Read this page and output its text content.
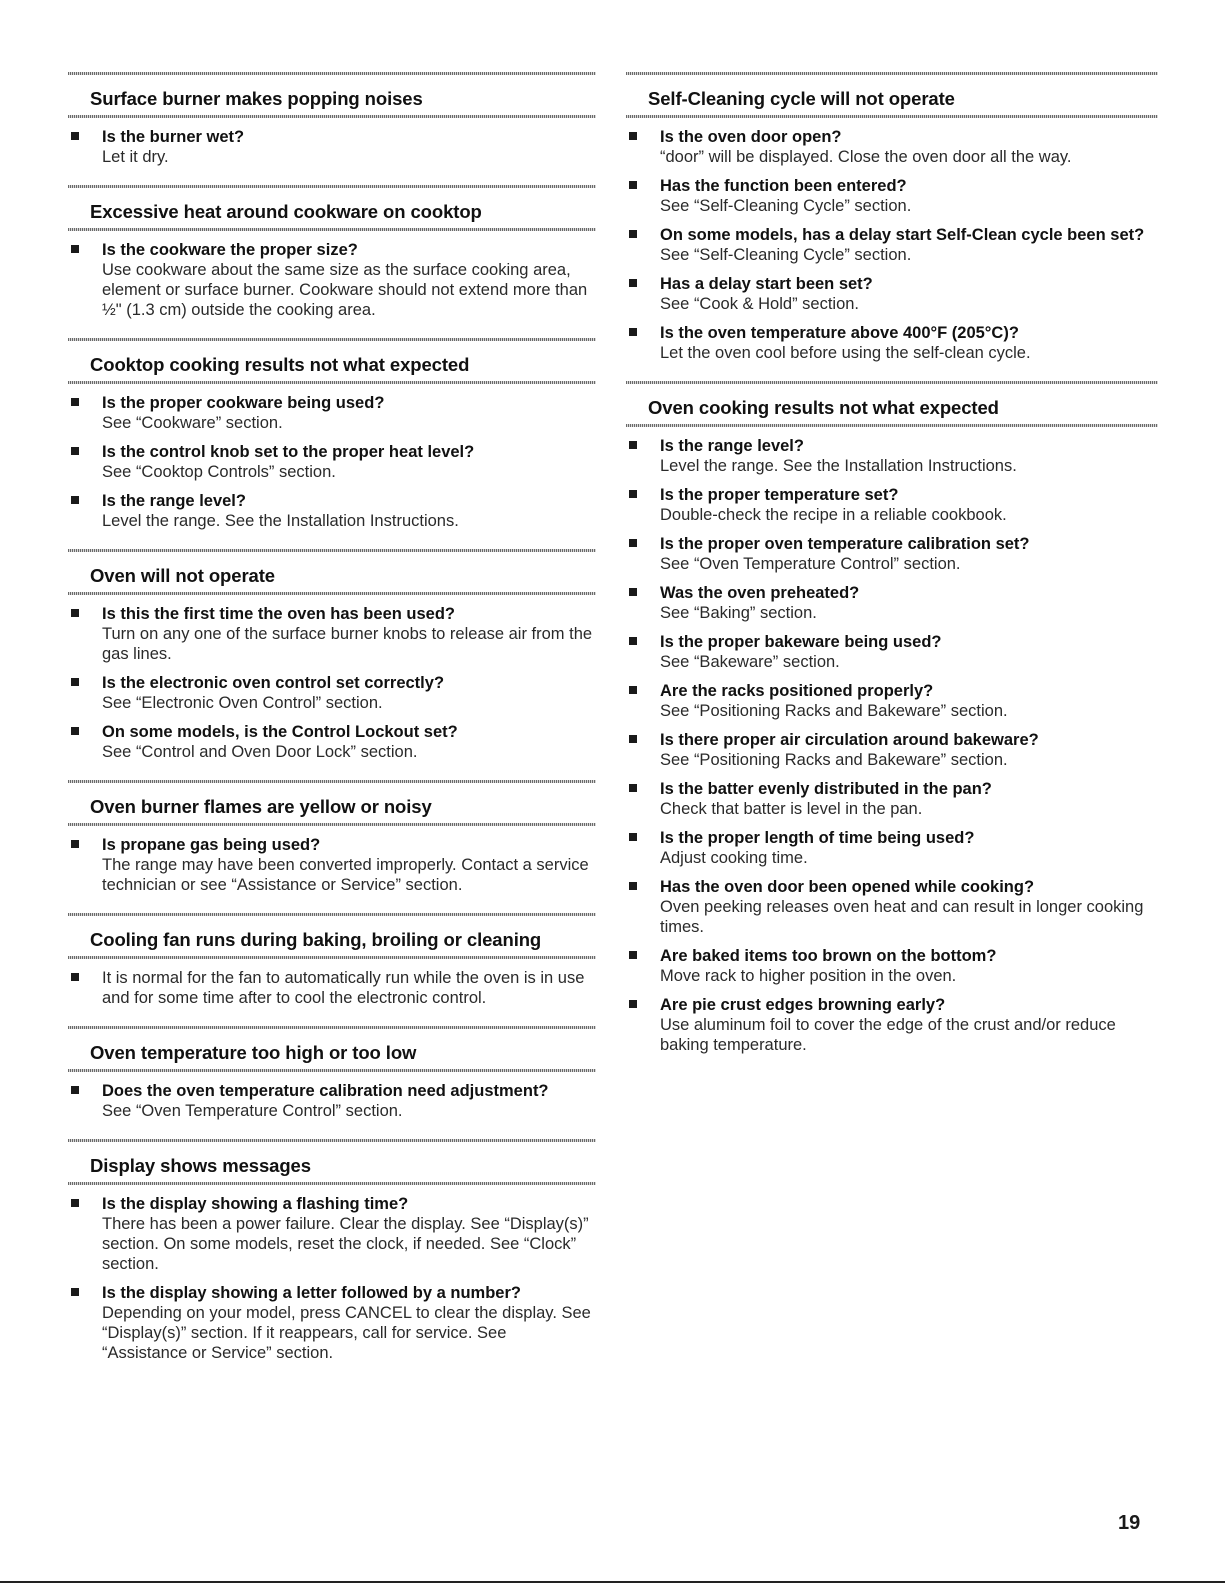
Surface burner makes popping noises
Is the burner wet?
Let it dry.
Excessive heat around cookware on cooktop
Is the cookware the proper size?
Use cookware about the same size as the surface cooking area, element or surface burner. Cookware should not extend more than ½" (1.3 cm) outside the cooking area.
Cooktop cooking results not what expected
Is the proper cookware being used?
See “Cookware” section.
Is the control knob set to the proper heat level?
See “Cooktop Controls” section.
Is the range level?
Level the range. See the Installation Instructions.
Oven will not operate
Is this the first time the oven has been used?
Turn on any one of the surface burner knobs to release air from the gas lines.
Is the electronic oven control set correctly?
See “Electronic Oven Control” section.
On some models, is the Control Lockout set?
See “Control and Oven Door Lock” section.
Oven burner flames are yellow or noisy
Is propane gas being used?
The range may have been converted improperly. Contact a service technician or see “Assistance or Service” section.
Cooling fan runs during baking, broiling or cleaning
It is normal for the fan to automatically run while the oven is in use and for some time after to cool the electronic control.
Oven temperature too high or too low
Does the oven temperature calibration need adjustment?
See “Oven Temperature Control” section.
Display shows messages
Is the display showing a flashing time?
There has been a power failure. Clear the display. See “Display(s)” section. On some models, reset the clock, if needed. See “Clock” section.
Is the display showing a letter followed by a number?
Depending on your model, press CANCEL to clear the display. See “Display(s)” section. If it reappears, call for service. See “Assistance or Service” section.
Self-Cleaning cycle will not operate
Is the oven door open?
“door” will be displayed. Close the oven door all the way.
Has the function been entered?
See “Self-Cleaning Cycle” section.
On some models, has a delay start Self-Clean cycle been set?
See “Self-Cleaning Cycle” section.
Has a delay start been set?
See “Cook & Hold” section.
Is the oven temperature above 400°F (205°C)?
Let the oven cool before using the self-clean cycle.
Oven cooking results not what expected
Is the range level?
Level the range. See the Installation Instructions.
Is the proper temperature set?
Double-check the recipe in a reliable cookbook.
Is the proper oven temperature calibration set?
See “Oven Temperature Control” section.
Was the oven preheated?
See “Baking” section.
Is the proper bakeware being used?
See “Bakeware” section.
Are the racks positioned properly?
See “Positioning Racks and Bakeware” section.
Is there proper air circulation around bakeware?
See “Positioning Racks and Bakeware” section.
Is the batter evenly distributed in the pan?
Check that batter is level in the pan.
Is the proper length of time being used?
Adjust cooking time.
Has the oven door been opened while cooking?
Oven peeking releases oven heat and can result in longer cooking times.
Are baked items too brown on the bottom?
Move rack to higher position in the oven.
Are pie crust edges browning early?
Use aluminum foil to cover the edge of the crust and/or reduce baking temperature.
19
